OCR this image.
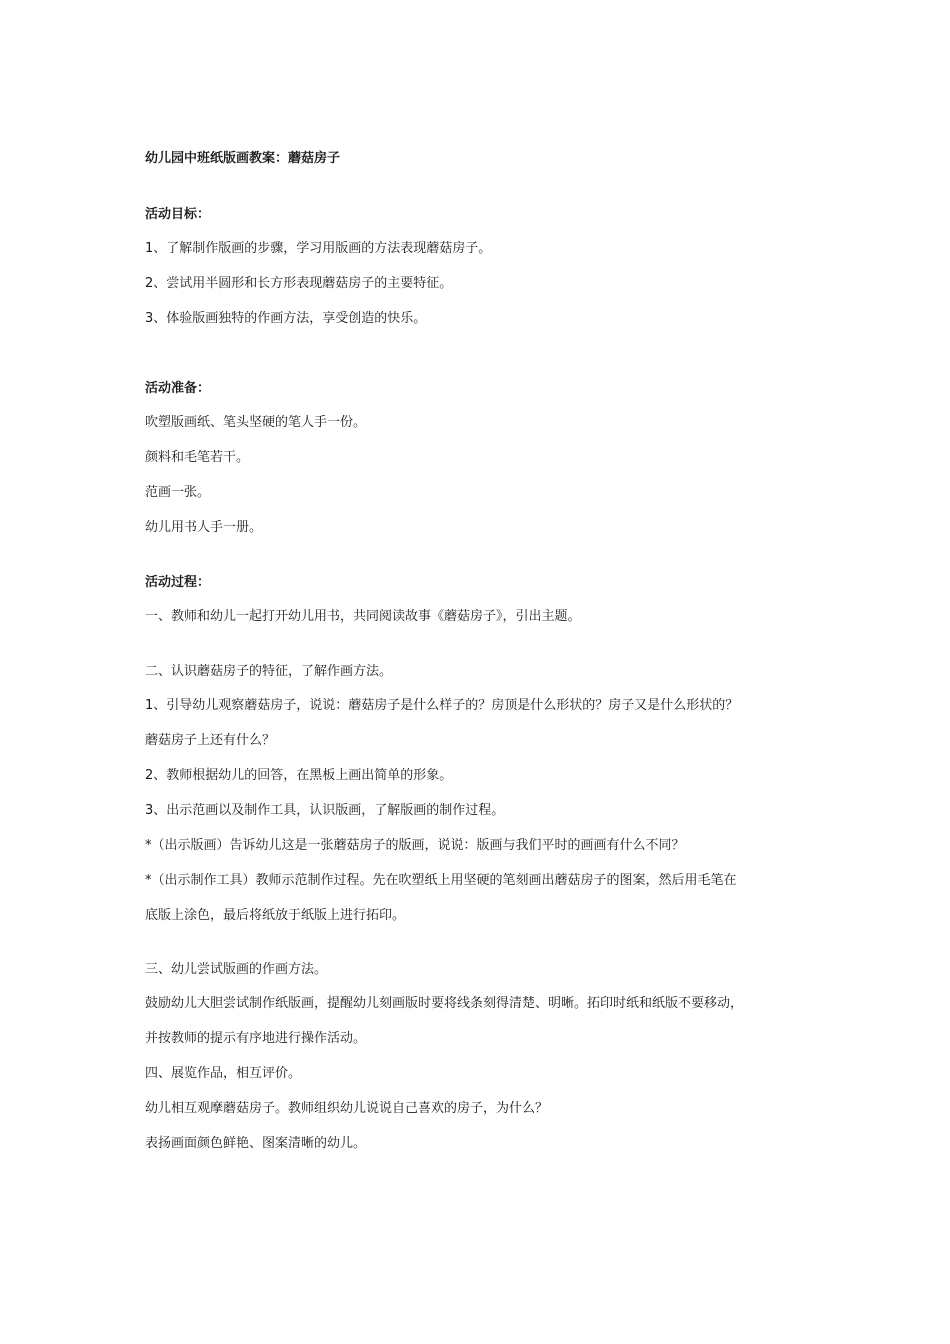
幼儿园中班纸版画教案：蘑菇房子
活动目标：
1、了解制作版画的步骤，学习用版画的方法表现蘑菇房子。
2、尝试用半圆形和长方形表现蘑菇房子的主要特征。
3、体验版画独特的作画方法，享受创造的快乐。
活动准备：
吹塑版画纸、笔头坚硬的笔人手一份。
颜料和毛笔若干。
范画一张。
幼儿用书人手一册。
活动过程：
一、教师和幼儿一起打开幼儿用书，共同阅读故事《蘑菇房子》，引出主题。
二、认识蘑菇房子的特征，了解作画方法。
1、引导幼儿观察蘑菇房子，说说：蘑菇房子是什么样子的？房顶是什么形状的？房子又是什么形状的？
蘑菇房子上还有什么？
2、教师根据幼儿的回答，在黑板上画出简单的形象。
3、出示范画以及制作工具，认识版画，了解版画的制作过程。
*（出示版画）告诉幼儿这是一张蘑菇房子的版画，说说：版画与我们平时的画画有什么不同？
*（出示制作工具）教师示范制作过程。先在吹塑纸上用坚硬的笔刻画出蘑菇房子的图案，然后用毛笔在
底版上涂色，最后将纸放于纸版上进行拓印。
三、幼儿尝试版画的作画方法。
鼓励幼儿大胆尝试制作纸版画，提醒幼儿刻画版时要将线条刻得清楚、明晰。拓印时纸和纸版不要移动，
并按教师的提示有序地进行操作活动。
四、展览作品，相互评价。
幼儿相互观摩蘑菇房子。教师组织幼儿说说自己喜欢的房子，为什么？
表扬画面颜色鲜艳、图案清晰的幼儿。
